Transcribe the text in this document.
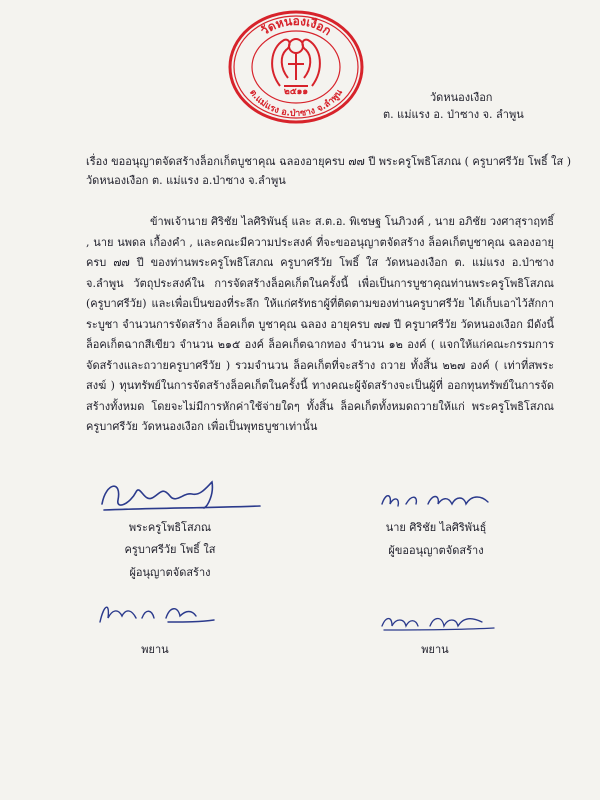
วัดหนองเงือก
ต.แม่แรง อ.ป่าซาง จ.ลำพูน
๒๕๑๑	วัดหนองเงือก
ต. แม่แรง อ. ป่าซาง จ. ลำพูน
เรื่อง ขออนุญาตจัดสร้างล็อกเก็ตบูชาคุณ ฉลองอายุครบ ๗๗ ปี พระครูโพธิโสภณ ( ครูบาศรีวัย โพธิ์ ใส )
วัดหนองเงือก ต. แม่แรง อ.ป่าซาง จ.ลำพูน

ข้าพเจ้านาย ศิริชัย ไลศิริพันธุ์ และ ส.ต.อ. พิเชษฐ โนภิวงค์ , นาย อภิชัย วงศาสุราฤทธิ์ , นาย นพดล เกื้องคำ , และคณะมีความประสงค์ ที่จะขออนุญาตจัดสร้าง ล็อคเก็ตบูชาคุณ ฉลองอายุครบ ๗๗ ปี ของท่านพระครูโพธิโสภณ ครูบาศรีวัย โพธิ์ ใส วัดหนองเงือก ต. แม่แรง อ.ป่าซาง จ.ลำพูน วัตถุประสงค์ใน การจัดสร้างล็อคเก็ตในครั้งนี้ เพื่อเป็นการบูชาคุณท่านพระครูโพธิโสภณ (ครูบาศรีวัย) และเพื่อเป็นของที่ระลึก ให้แก่ศรัทธาผู้ที่ติดตามของท่านครูบาศรีวัย ได้เก็บเอาไว้สักการะบูชา จำนวนการจัดสร้าง ล็อคเก็ต บูชาคุณ ฉลอง อายุครบ ๗๗ ปี ครูบาศรีวัย วัดหนองเงือก มีดังนี้ ล็อคเก็ตฉากสีเขียว จำนวน ๒๑๕ องค์ ล็อคเก็ตฉากทอง จำนวน ๑๒ องค์ ( แจกให้แก่คณะกรรมการจัดสร้างและถวายครูบาศรีวัย ) รวมจำนวน ล็อคเก็ตที่จะสร้าง ถวาย ทั้งสิ้น ๒๒๗ องค์ ( เท่าที่สพระสงฆ์ ) ทุนทรัพย์ในการจัดสร้างล็อคเก็ตในครั้งนี้ ทางคณะผู้จัดสร้างจะเป็นผู้ที่ ออกทุนทรัพย์ในการจัดสร้างทั้งหมด โดยจะไม่มีการหักค่าใช้จ่ายใดๆ ทั้งสิ้น ล็อคเก็ตทั้งหมดถวายให้แก่ พระครูโพธิโสภณ ครูบาศรีวัย วัดหนองเงือก เพื่อเป็นพุทธบูชาเท่านั้น

พระครูโพธิโสภณ
ครูบาศรีวัย โพธิ์ ใส
ผู้อนุญาตจัดสร้าง
นาย ศิริชัย ไลศิริพันธุ์
ผู้ขออนุญาตจัดสร้าง
พยาน	พยาน
